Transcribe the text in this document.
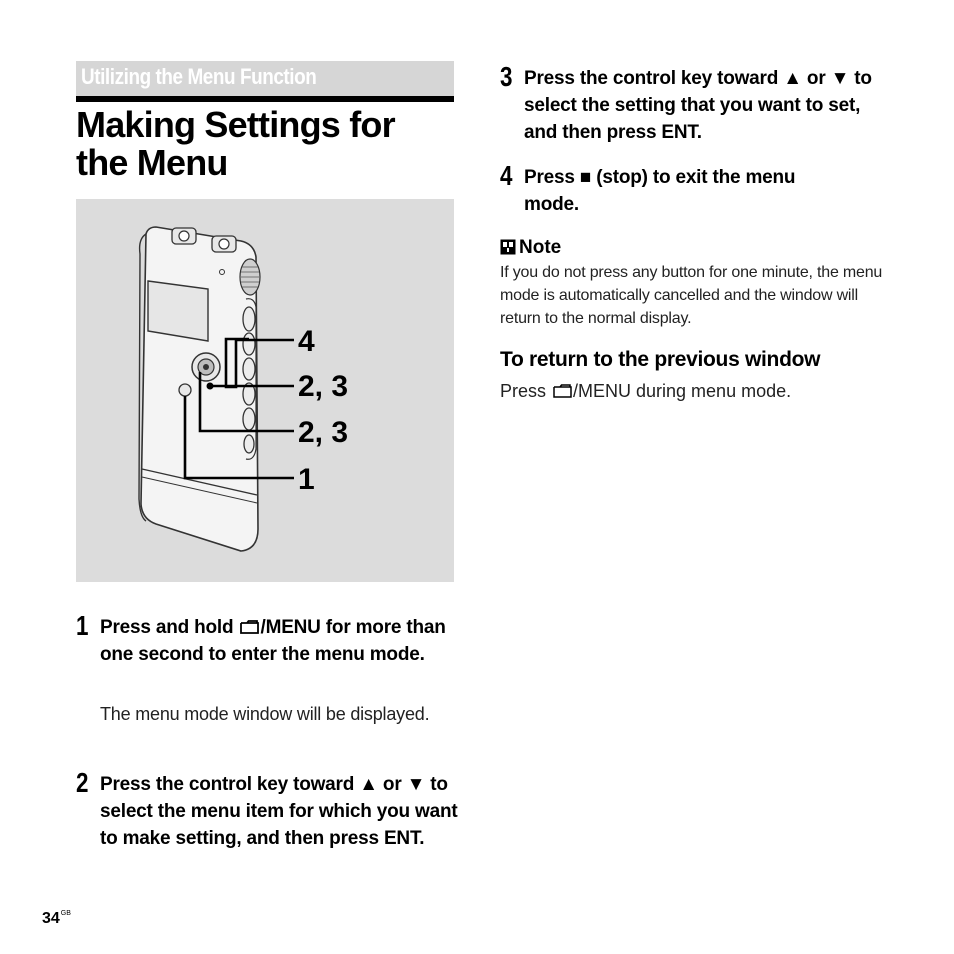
Utilizing the Menu Function
Making Settings for
the Menu
4
2, 3
2, 3
1
1 Press and hold /MENU for more than one second to enter the menu mode.
The menu mode window will be displayed.
2 Press the control key toward ▲ or ▼ to select the menu item for which you want to make setting, and then press ENT.
3 Press the control key toward ▲ or ▼ to select the setting that you want to set, and then press ENT.
4 Press ■ (stop) to exit the menu mode.
Note
If you do not press any button for one minute, the menu mode is automatically cancelled and the window will return to the normal display.
To return to the previous window
Press /MENU during menu mode.
$34^{GB}$
